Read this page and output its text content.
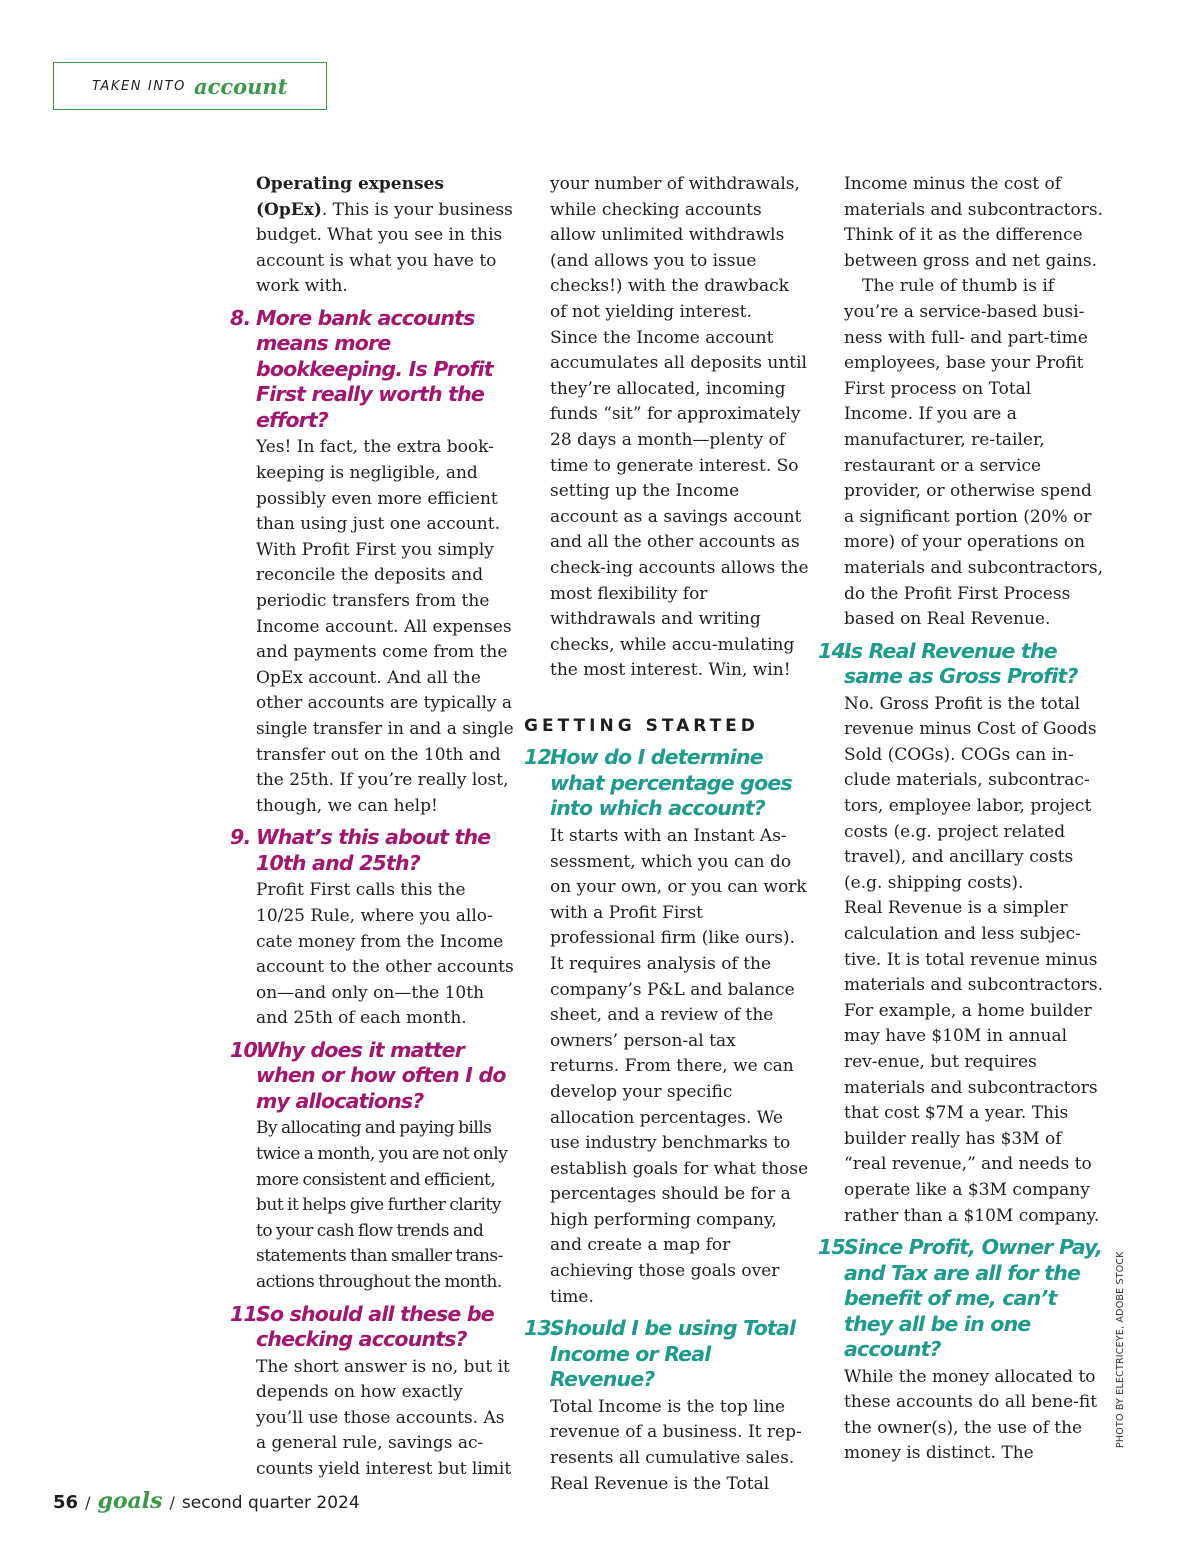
TAKEN INTO account

Operating expenses (OpEx). This is your business budget. What you see in this account is what you have to work with.

8. More bank accounts means more bookkeeping. Is Profit First really worth the effort?

Yes! In fact, the extra book-keeping is negligible, and possibly even more efficient than using just one account. With Profit First you simply reconcile the deposits and periodic transfers from the Income account. All expenses and payments come from the OpEx account. And all the other accounts are typically a single transfer in and a single transfer out on the 10th and the 25th. If you’re really lost, though, we can help!

9. What’s this about the 10th and 25th?

Profit First calls this the 10/25 Rule, where you allo-cate money from the Income account to the other accounts on—and only on—the 10th and 25th of each month.

10.Why does it matter when or how often I do my allocations?

By allocating and paying bills twice a month, you are not only more consistent and efficient, but it helps give further clarity to your cash flow trends and statements than smaller trans-actions throughout the month.

11.So should all these be checking accounts?

The short answer is no, but it depends on how exactly you’ll use those accounts. As a general rule, savings ac-counts yield interest but limit

your number of withdrawals, while checking accounts allow unlimited withdrawls (and allows you to issue checks!) with the drawback of not yielding interest.

Since the Income account accumulates all deposits until they’re allocated, incoming funds “sit” for approximately 28 days a month—plenty of time to generate interest. So setting up the Income account as a savings account and all the other accounts as check-ing accounts allows the most flexibility for withdrawals and writing checks, while accu-mulating the most interest. Win, win!

GETTING STARTED
12.How do I determine what percentage goes into which account?

It starts with an Instant As-sessment, which you can do on your own, or you can work with a Profit First professional firm (like ours). It requires analysis of the company’s P&L and balance sheet, and a review of the owners’ person-al tax returns. From there, we can develop your specific allocation percentages. We use industry benchmarks to establish goals for what those percentages should be for a high performing company, and create a map for achieving those goals over time.

13.Should I be using Total Income or Real Revenue?

Total Income is the top line revenue of a business. It rep-resents all cumulative sales. Real Revenue is the Total

Income minus the cost of materials and subcontractors. Think of it as the difference between gross and net gains.

The rule of thumb is if you’re a service-based busi-ness with full- and part-time employees, base your Profit First process on Total Income. If you are a manufacturer, re-tailer, restaurant or a service provider, or otherwise spend a significant portion (20% or more) of your operations on materials and subcontractors, do the Profit First Process based on Real Revenue.

14.Is Real Revenue the same as Gross Profit?

No. Gross Profit is the total revenue minus Cost of Goods Sold (COGs). COGs can in-clude materials, subcontrac-tors, employee labor, project costs (e.g. project related travel), and ancillary costs (e.g. shipping costs).

Real Revenue is a simpler calculation and less subjec-tive. It is total revenue minus materials and subcontractors. For example, a home builder may have $10M in annual rev-enue, but requires materials and subcontractors that cost $7M a year. This builder really has $3M of “real revenue,” and needs to operate like a $3M company rather than a $10M company.

15.Since Profit, Owner Pay, and Tax are all for the benefit of me, can’t they all be in one account?

While the money allocated to these accounts do all bene-fit the owner(s), the use of the money is distinct. The

PHOTO BY ELECTRICEYE, ADOBE STOCK
56 / goals / second quarter 2024
